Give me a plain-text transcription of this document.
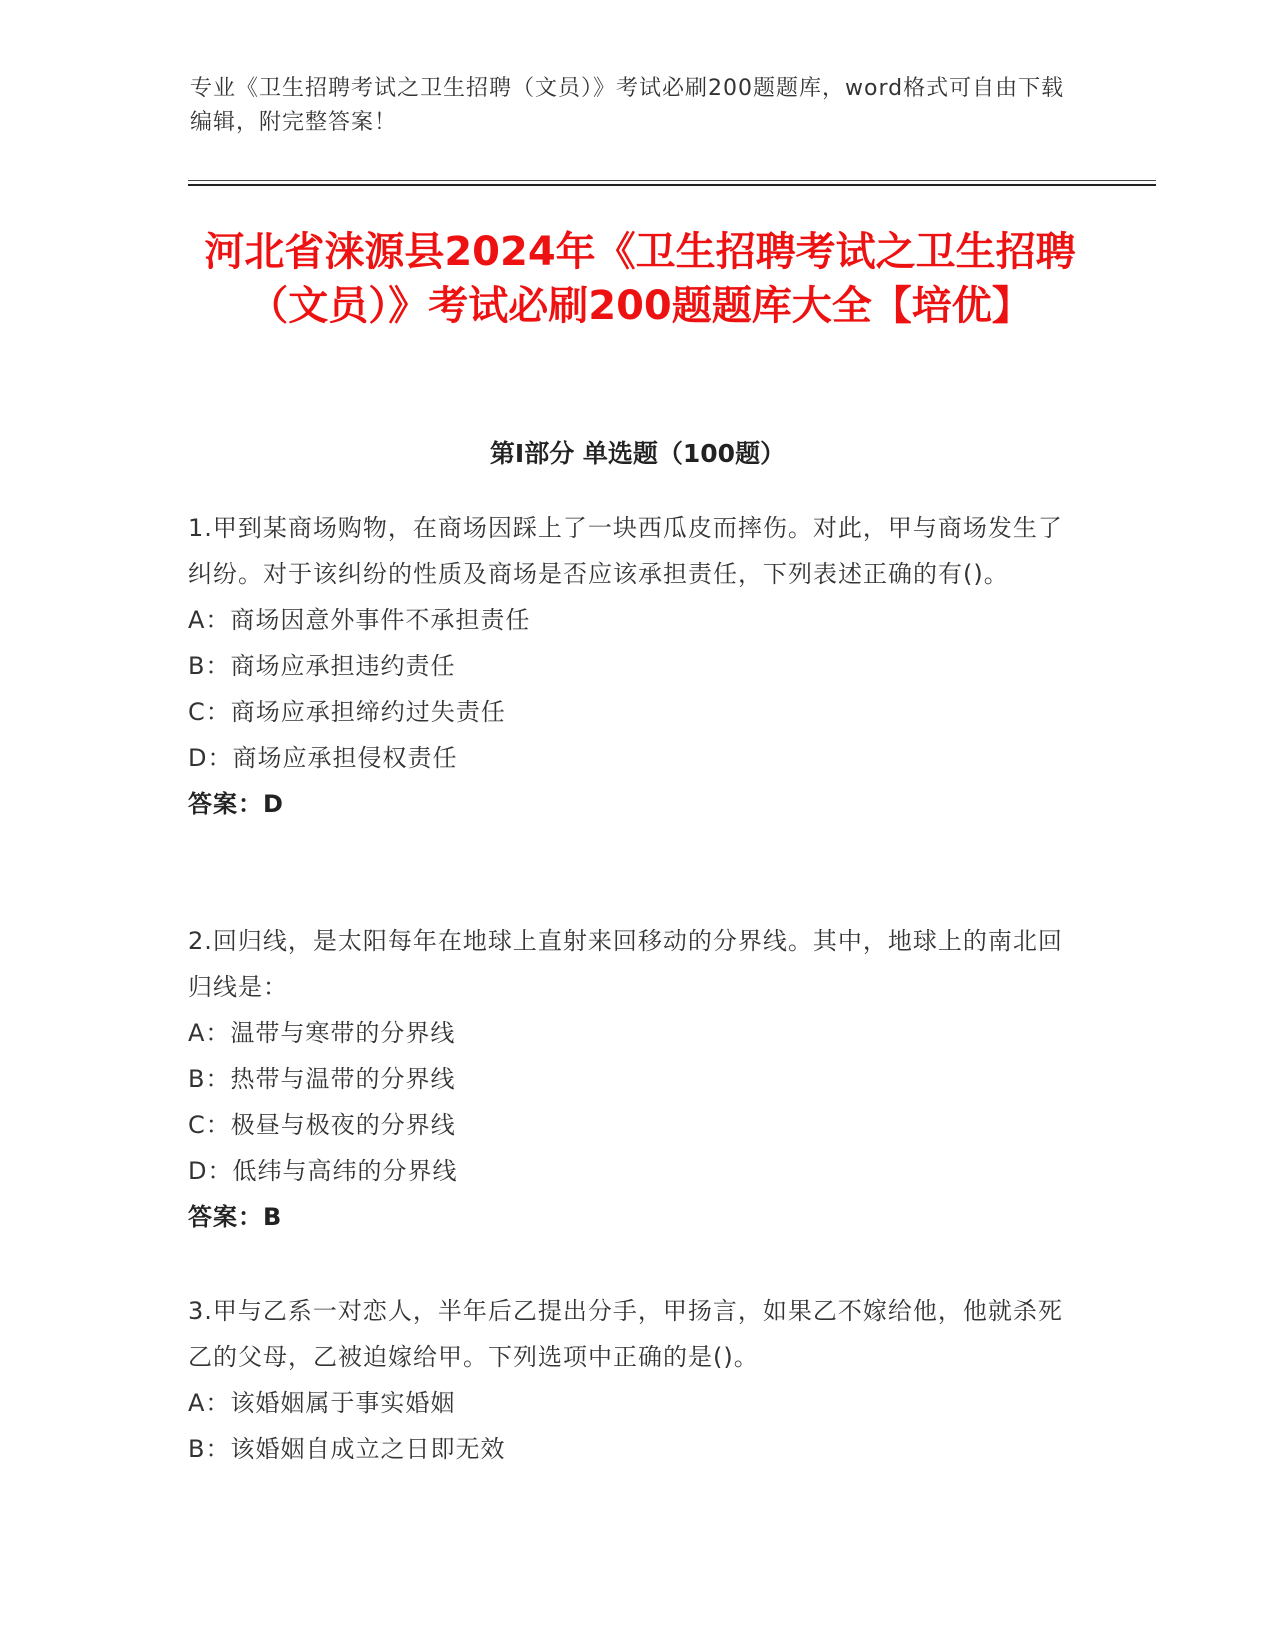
专业《卫生招聘考试之卫生招聘（文员）》考试必刷200题题库，word格式可自由下载编辑，附完整答案！
河北省涞源县2024年《卫生招聘考试之卫生招聘（文员）》考试必刷200题题库大全【培优】
第Ⅰ部分 单选题（100题）

1.甲到某商场购物，在商场因踩上了一块西瓜皮而摔伤。对此，甲与商场发生了纠纷。对于该纠纷的性质及商场是否应该承担责任，下列表述正确的有()。

A：商场因意外事件不承担责任

B：商场应承担违约责任

C：商场应承担缔约过失责任

D：商场应承担侵权责任

答案：D

2.回归线，是太阳每年在地球上直射来回移动的分界线。其中，地球上的南北回归线是：

A：温带与寒带的分界线

B：热带与温带的分界线

C：极昼与极夜的分界线

D：低纬与高纬的分界线

答案：B

3.甲与乙系一对恋人，半年后乙提出分手，甲扬言，如果乙不嫁给他，他就杀死乙的父母，乙被迫嫁给甲。下列选项中正确的是()。

A：该婚姻属于事实婚姻

B：该婚姻自成立之日即无效
